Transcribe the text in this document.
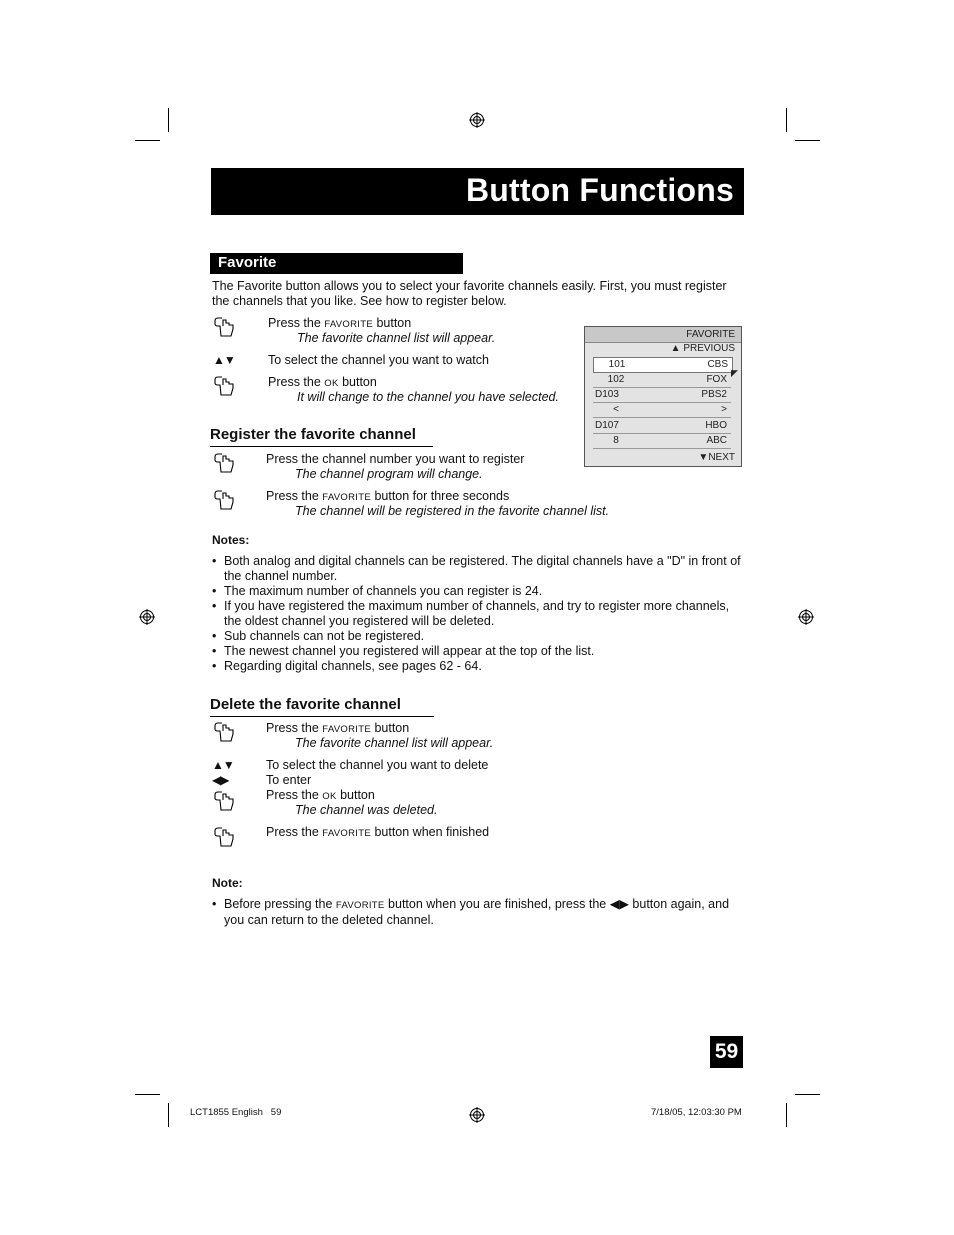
Button Functions
Favorite
The Favorite button allows you to select your favorite channels easily. First, you must register
the channels that you like. See how to register below.
Press the FAVORITE button
The favorite channel list will appear.
▲▼	To select the channel you want to watch
Press the OK button
It will change to the channel you have selected.
FAVORITE
▲ PREVIOUS
101	CBS
102	FOX
D103	PBS2
<	>
D107	HBO
8	ABC
▼NEXT
◤
Register the favorite channel
Press the channel number you want to register
The channel program will change.
Press the FAVORITE button for three seconds
The channel will be registered in the favorite channel list.
Notes:
• Both analog and digital channels can be registered. The digital channels have a "D" in front of the channel number.
• The maximum number of channels you can register is 24.
• If you have registered the maximum number of channels, and try to register more channels, the oldest channel you registered will be deleted.
• Sub channels can not be registered.
• The newest channel you registered will appear at the top of the list.
• Regarding digital channels, see pages 62 - 64.
Delete the favorite channel
Press the FAVORITE button
The favorite channel list will appear.
▲▼	To select the channel you want to delete
◀▶	To enter
Press the OK button
The channel was deleted.
Press the FAVORITE button when finished
Note:
• Before pressing the FAVORITE button when you are finished, press the ◀▶ button again, and
you can return to the deleted channel.
59
LCT1855 English   59	7/18/05, 12:03:30 PM
